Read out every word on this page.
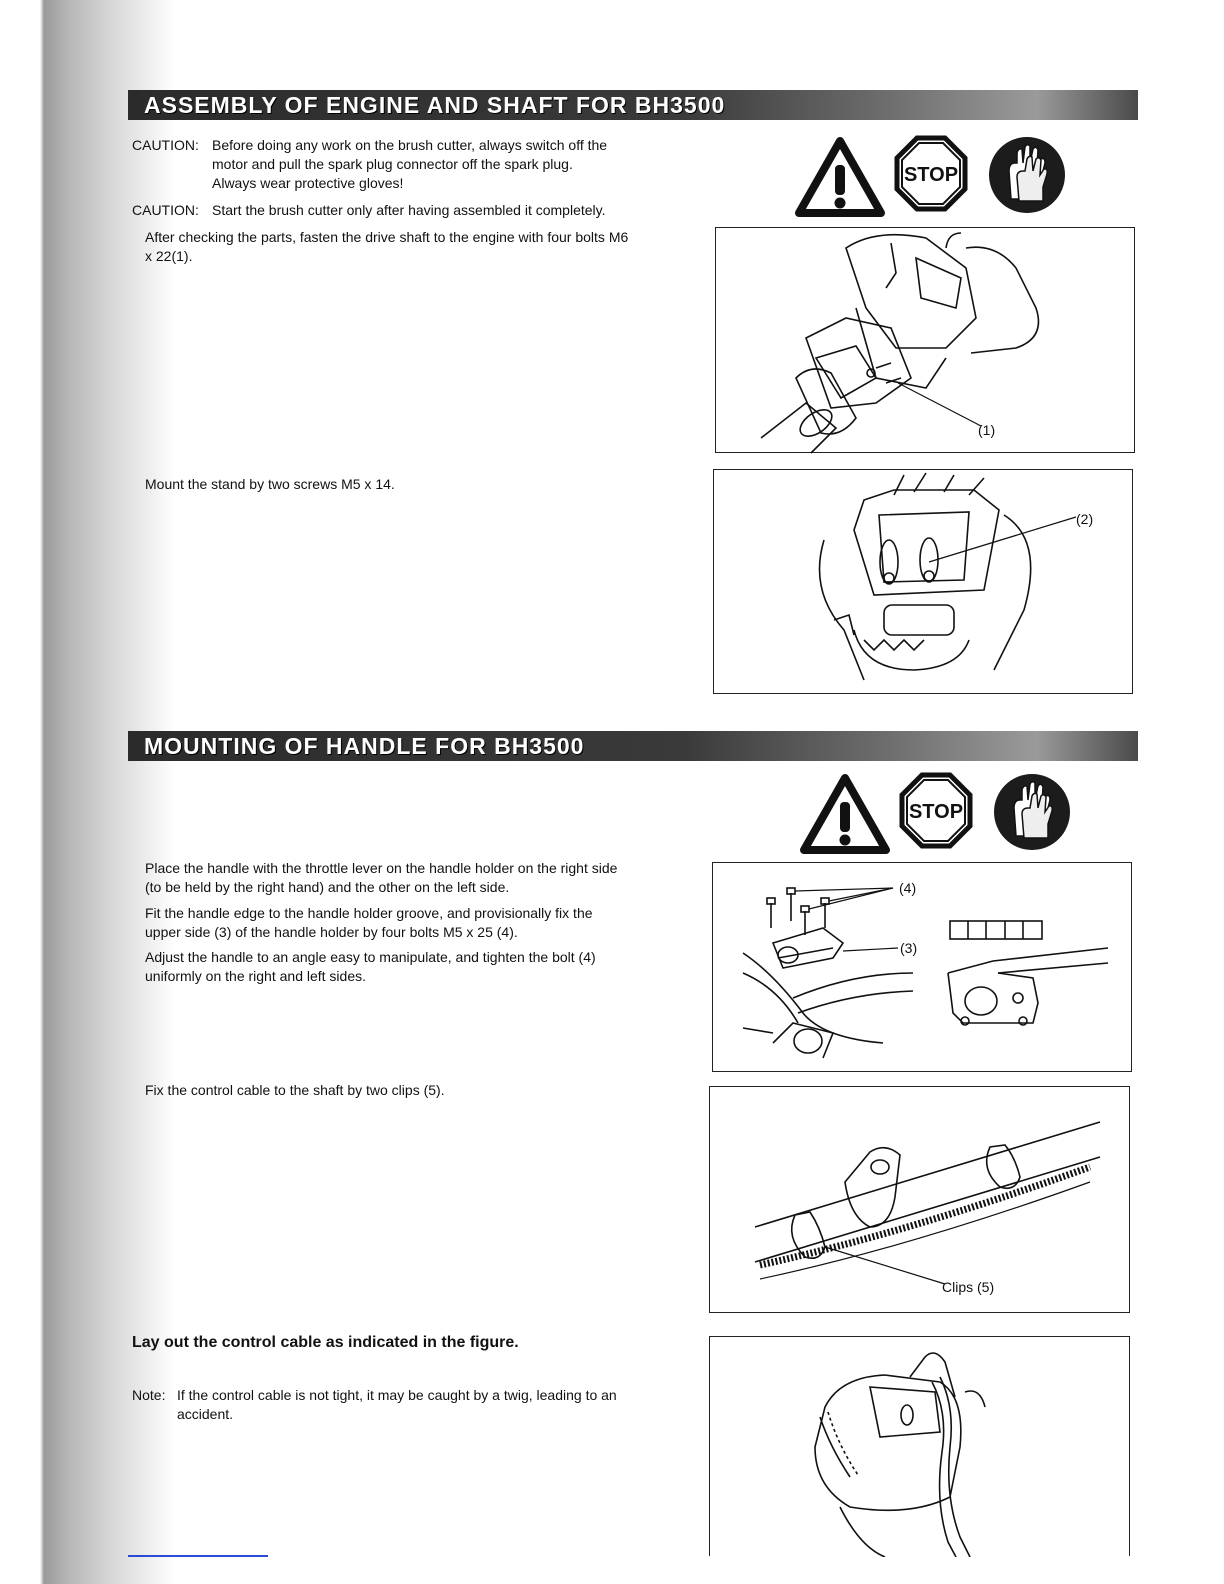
ASSEMBLY OF ENGINE AND SHAFT FOR BH3500
CAUTION: Before doing any work on the brush cutter, always switch off the
motor and pull the spark plug connector off the spark plug.
Always wear protective gloves!
CAUTION: Start the brush cutter only after having assembled it completely.
After checking the parts, fasten the drive shaft to the engine with four bolts M6
x 22(1).
Mount the stand by two screws M5 x 14.
STOP
(1)
(2)
MOUNTING OF HANDLE FOR BH3500
STOP
Place the handle with the throttle lever on the handle holder on the right side
(to be held by the right hand) and the other on the left side.
Fit the handle edge to the handle holder groove, and provisionally fix the
upper side (3) of the handle holder by four bolts M5 x 25 (4).
Adjust the handle to an angle easy to manipulate, and tighten the bolt (4)
uniformly on the right and left sides.
Fix the control cable to the shaft by two clips (5).
Lay out the control cable as indicated in the figure.
Note: If the control cable is not tight, it may be caught by a twig, leading to an
accident.
(4)
(3)
Clips (5)
